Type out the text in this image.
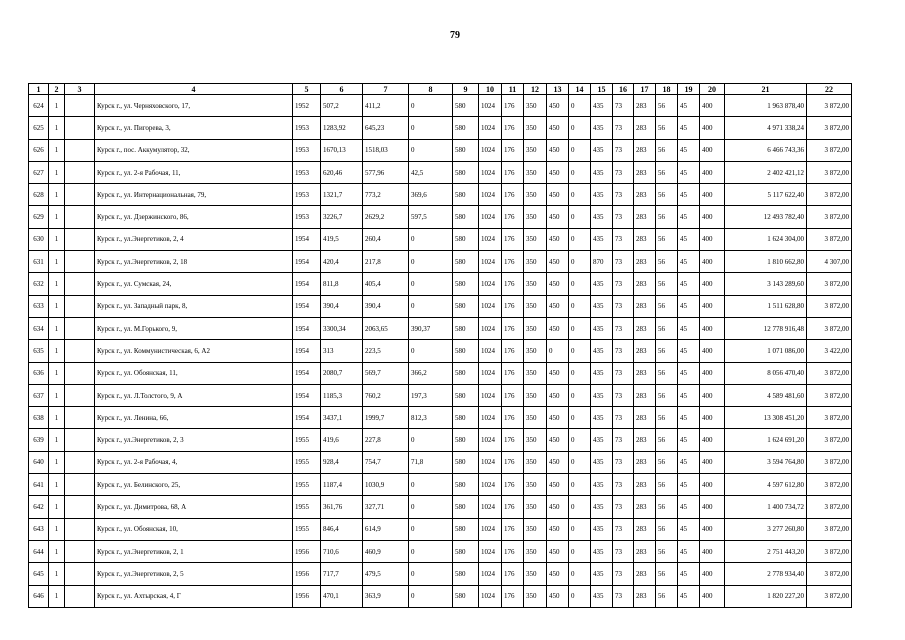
79
1	2	3	4	5	6	7	8	9	10	11	12	13	14	15	16	17	18	19	20	21	22
624	1		Курск г., ул. Черняховского, 17,	1952	507,2	411,2	0	580	1024	176	350	450	0	435	73	283	56	45	400	1 963 878,40	3 872,00
625	1		Курск г., ул. Пигорева, 3,	1953	1283,92	645,23	0	580	1024	176	350	450	0	435	73	283	56	45	400	4 971 338,24	3 872,00
626	1		Курск г., пос. Аккумулятор, 32,	1953	1670,13	1518,03	0	580	1024	176	350	450	0	435	73	283	56	45	400	6 466 743,36	3 872,00
627	1		Курск г., ул. 2-я Рабочая, 11,	1953	620,46	577,96	42,5	580	1024	176	350	450	0	435	73	283	56	45	400	2 402 421,12	3 872,00
628	1		Курск г., ул. Интернациональная, 79,	1953	1321,7	773,2	369,6	580	1024	176	350	450	0	435	73	283	56	45	400	5 117 622,40	3 872,00
629	1		Курск г., ул. Дзержинского, 86,	1953	3226,7	2629,2	597,5	580	1024	176	350	450	0	435	73	283	56	45	400	12 493 782,40	3 872,00
630	1		Курск г., ул.Энергетиков, 2, 4	1954	419,5	260,4	0	580	1024	176	350	450	0	435	73	283	56	45	400	1 624 304,00	3 872,00
631	1		Курск г., ул.Энергетиков, 2, 18	1954	420,4	217,8	0	580	1024	176	350	450	0	870	73	283	56	45	400	1 810 662,80	4 307,00
632	1		Курск г., ул. Сумская, 24,	1954	811,8	405,4	0	580	1024	176	350	450	0	435	73	283	56	45	400	3 143 289,60	3 872,00
633	1		Курск г., ул. Западный парк, 8,	1954	390,4	390,4	0	580	1024	176	350	450	0	435	73	283	56	45	400	1 511 628,80	3 872,00
634	1		Курск г., ул. М.Горького, 9,	1954	3300,34	2063,65	390,37	580	1024	176	350	450	0	435	73	283	56	45	400	12 778 916,48	3 872,00
635	1		Курск г., ул. Коммунистическая, 6, А2	1954	313	223,5	0	580	1024	176	350	0	0	435	73	283	56	45	400	1 071 086,00	3 422,00
636	1		Курск г., ул. Обоянская, 11,	1954	2080,7	569,7	366,2	580	1024	176	350	450	0	435	73	283	56	45	400	8 056 470,40	3 872,00
637	1		Курск г., ул. Л.Толстого, 9, А	1954	1185,3	760,2	197,3	580	1024	176	350	450	0	435	73	283	56	45	400	4 589 481,60	3 872,00
638	1		Курск г., ул. Ленина, 66,	1954	3437,1	1999,7	812,3	580	1024	176	350	450	0	435	73	283	56	45	400	13 308 451,20	3 872,00
639	1		Курск г., ул.Энергетиков, 2, 3	1955	419,6	227,8	0	580	1024	176	350	450	0	435	73	283	56	45	400	1 624 691,20	3 872,00
640	1		Курск г., ул. 2-я Рабочая, 4,	1955	928,4	754,7	71,8	580	1024	176	350	450	0	435	73	283	56	45	400	3 594 764,80	3 872,00
641	1		Курск г., ул. Белинского, 25,	1955	1187,4	1030,9	0	580	1024	176	350	450	0	435	73	283	56	45	400	4 597 612,80	3 872,00
642	1		Курск г., ул. Димитрова, 68, А	1955	361,76	327,71	0	580	1024	176	350	450	0	435	73	283	56	45	400	1 400 734,72	3 872,00
643	1		Курск г., ул. Обоянская, 10,	1955	846,4	614,9	0	580	1024	176	350	450	0	435	73	283	56	45	400	3 277 260,80	3 872,00
644	1		Курск г., ул.Энергетиков, 2, 1	1956	710,6	460,9	0	580	1024	176	350	450	0	435	73	283	56	45	400	2 751 443,20	3 872,00
645	1		Курск г., ул.Энергетиков, 2, 5	1956	717,7	479,5	0	580	1024	176	350	450	0	435	73	283	56	45	400	2 778 934,40	3 872,00
646	1		Курск г., ул. Ахтырская, 4, Г	1956	470,1	363,9	0	580	1024	176	350	450	0	435	73	283	56	45	400	1 820 227,20	3 872,00
